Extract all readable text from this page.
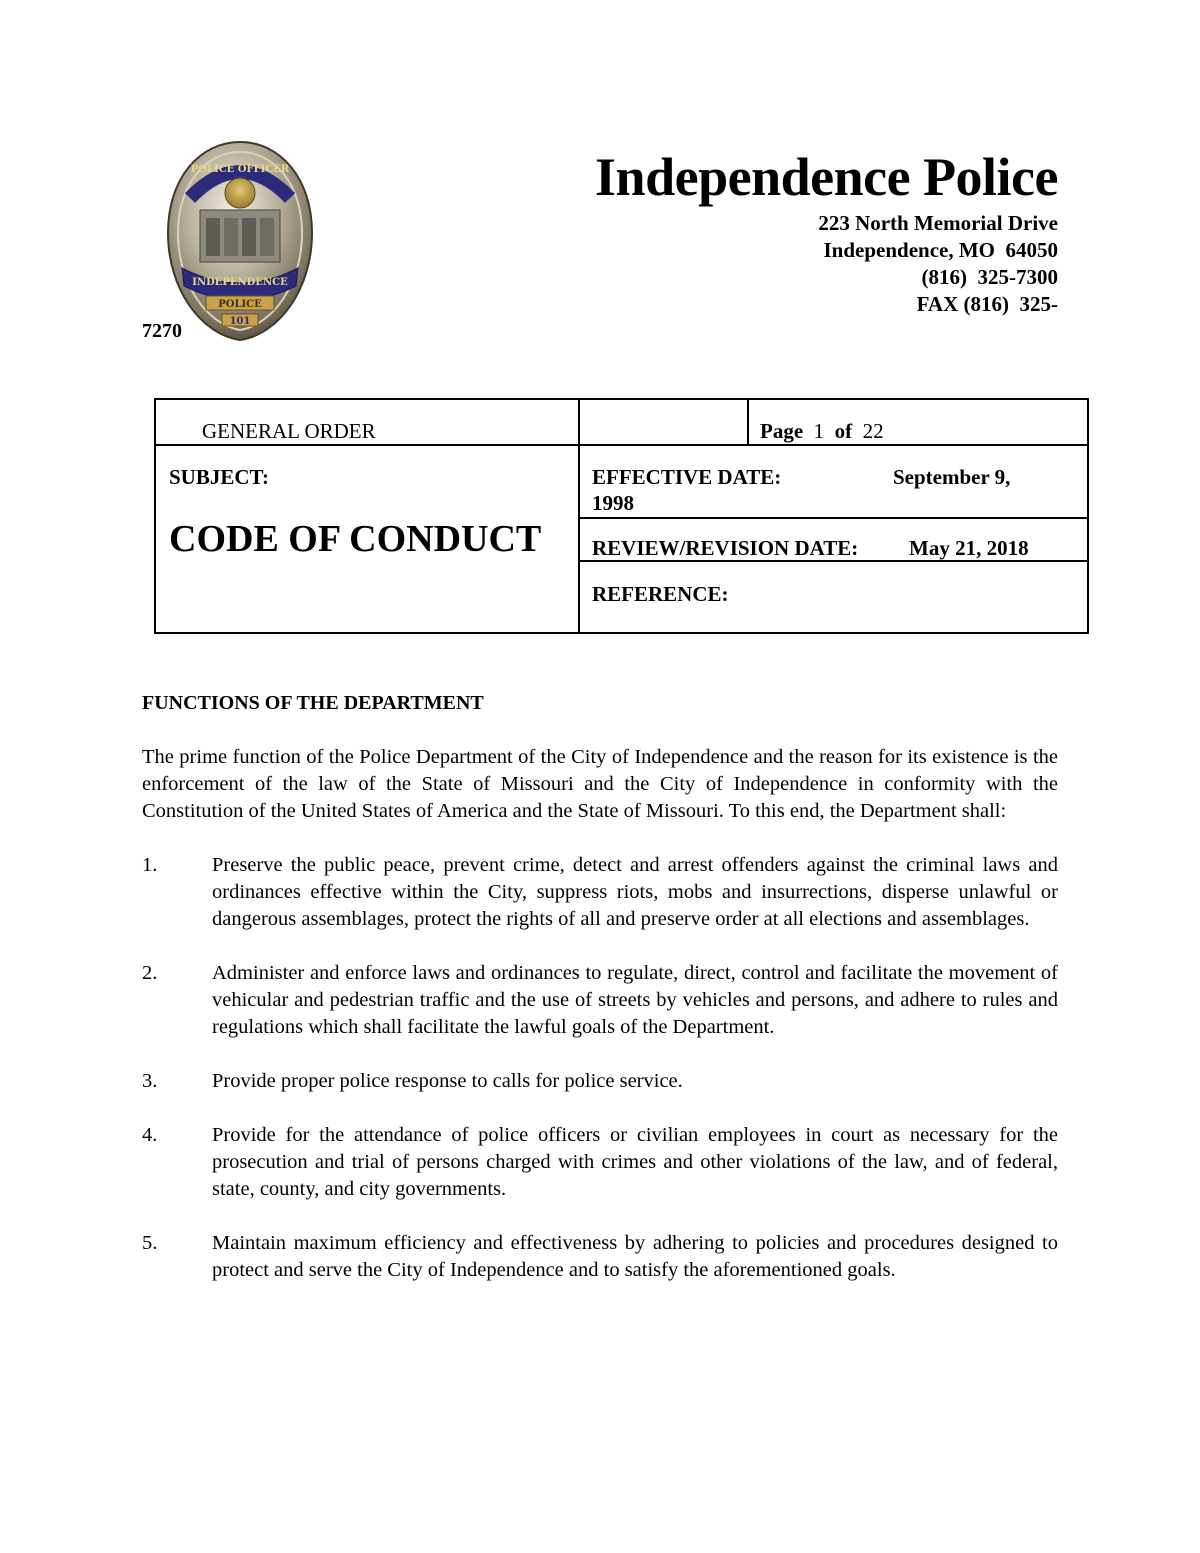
POLICE OFFICER
INDEPENDENCE
POLICE
101
7270
Independence Police
223 North Memorial Drive
Independence, MO  64050
(816)  325-7300
FAX (816)  325-
GENERAL ORDER	Page 1 of 22
SUBJECT:
CODE OF CONDUCT
EFFECTIVE DATE:	September 9,
1998
REVIEW/REVISION DATE: May 21, 2018
REFERENCE:
FUNCTIONS OF THE DEPARTMENT
The prime function of the Police Department of the City of Independence and the reason for its existence is the enforcement of the law of the State of Missouri and the City of Independence in conformity with the Constitution of the United States of America and the State of Missouri. To this end, the Department shall:
1.	Preserve the public peace, prevent crime, detect and arrest offenders against the criminal laws and ordinances effective within the City, suppress riots, mobs and insurrections, disperse unlawful or dangerous assemblages, protect the rights of all and preserve order at all elections and assemblages.
2.	Administer and enforce laws and ordinances to regulate, direct, control and facilitate the movement of vehicular and pedestrian traffic and the use of streets by vehicles and persons, and adhere to rules and regulations which shall facilitate the lawful goals of the Department.
3.	Provide proper police response to calls for police service.
4.	Provide for the attendance of police officers or civilian employees in court as necessary for the prosecution and trial of persons charged with crimes and other violations of the law, and of federal, state, county, and city governments.
5.	Maintain maximum efficiency and effectiveness by adhering to policies and procedures designed to protect and serve the City of Independence and to satisfy the aforementioned goals.
